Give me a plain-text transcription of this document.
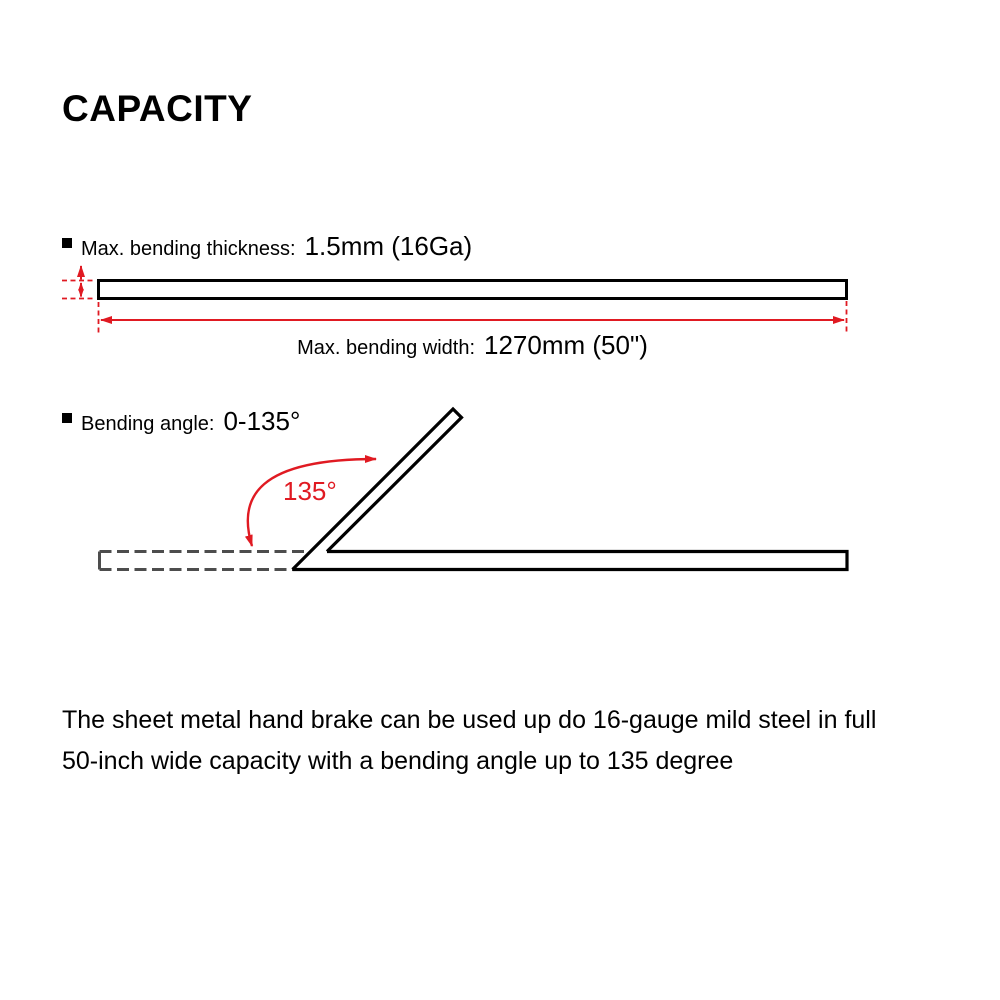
CAPACITY
Max. bending thickness: 1.5mm (16Ga)
Max. bending width: 1270mm (50")
Bending angle: 0-135°
135°
The sheet metal hand brake can be used up do 16-gauge mild steel in full
50-inch wide capacity with a bending angle up to 135 degree
